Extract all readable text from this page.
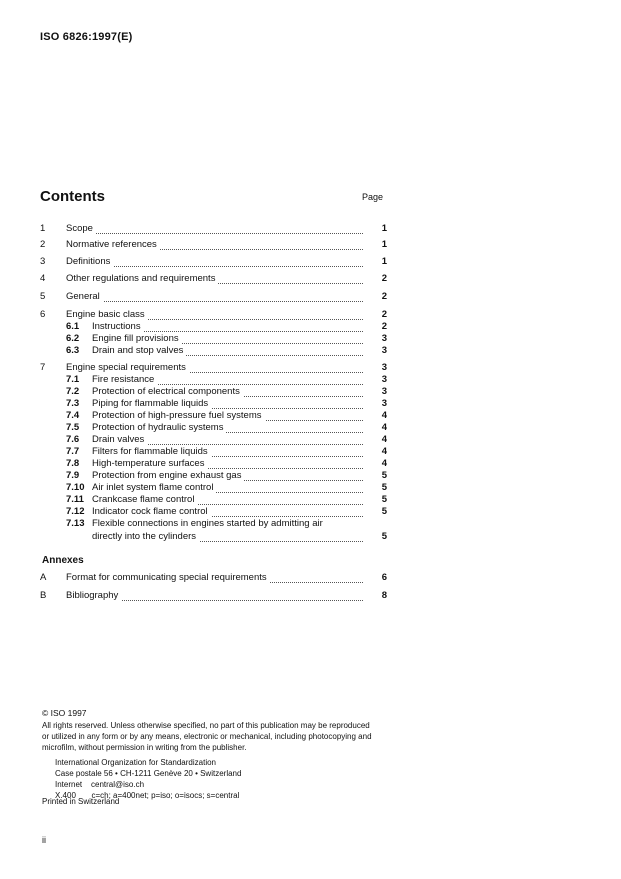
ISO 6826:1997(E)
Contents	Page
1 Scope	1
2 Normative references	1
3 Definitions	1
4 Other regulations and requirements	2
5 General	2
6 Engine basic class	2
6.1 Instructions	2
6.2 Engine fill provisions	3
6.3 Drain and stop valves	3
7 Engine special requirements	3
7.1 Fire resistance	3
7.2 Protection of electrical components	3
7.3 Piping for flammable liquids	3
7.4 Protection of high-pressure fuel systems	4
7.5 Protection of hydraulic systems	4
7.6 Drain valves	4
7.7 Filters for flammable liquids	4
7.8 High-temperature surfaces	4
7.9 Protection from engine exhaust gas	5
7.10 Air inlet system flame control	5
7.11 Crankcase flame control	5
7.12 Indicator cock flame control	5
7.13 Flexible connections in engines started by admitting air
directly into the cylinders	5
Annexes
A Format for communicating special requirements	6
B Bibliography	8
© ISO 1997
All rights reserved. Unless otherwise specified, no part of this publication may be reproduced
or utilized in any form or by any means, electronic or mechanical, including photocopying and
microfilm, without permission in writing from the publisher.
International Organization for Standardization
Case postale 56 • CH-1211 Genève 20 • Switzerland
Internet    central@iso.ch
X.400       c=ch; a=400net; p=iso; o=isocs; s=central
Printed in Switzerland
ii
